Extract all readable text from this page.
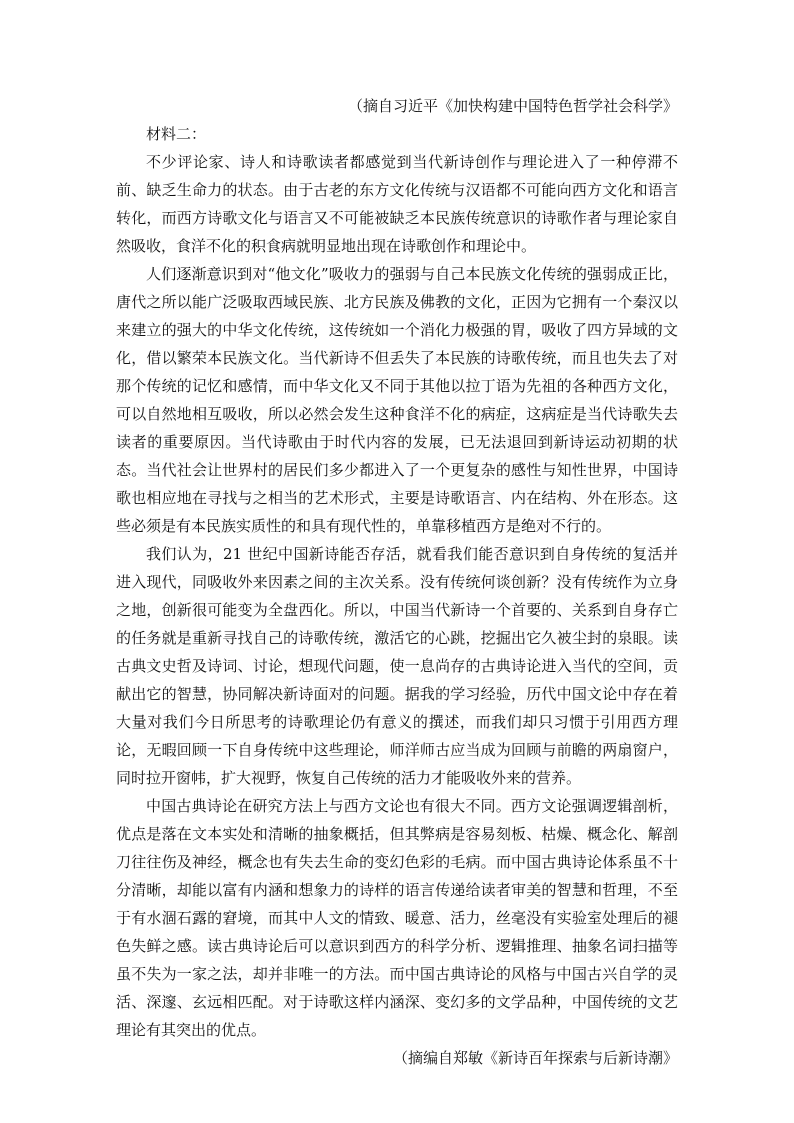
（摘自习近平《加快构建中国特色哲学社会科学》

材料二：

不少评论家、诗人和诗歌读者都感觉到当代新诗创作与理论进入了一种停滞不前、缺乏生命力的状态。由于古老的东方文化传统与汉语都不可能向西方文化和语言转化，而西方诗歌文化与语言又不可能被缺乏本民族传统意识的诗歌作者与理论家自然吸收，食洋不化的积食病就明显地出现在诗歌创作和理论中。

人们逐渐意识到对“他文化”吸收力的强弱与自己本民族文化传统的强弱成正比，唐代之所以能广泛吸取西域民族、北方民族及佛教的文化，正因为它拥有一个秦汉以来建立的强大的中华文化传统，这传统如一个消化力极强的胃，吸收了四方异域的文化，借以繁荣本民族文化。当代新诗不但丢失了本民族的诗歌传统，而且也失去了对那个传统的记忆和感情，而中华文化又不同于其他以拉丁语为先祖的各种西方文化，可以自然地相互吸收，所以必然会发生这种食洋不化的病症，这病症是当代诗歌失去读者的重要原因。当代诗歌由于时代内容的发展，已无法退回到新诗运动初期的状态。当代社会让世界村的居民们多少都进入了一个更复杂的感性与知性世界，中国诗歌也相应地在寻找与之相当的艺术形式，主要是诗歌语言、内在结构、外在形态。这些必须是有本民族实质性的和具有现代性的，单靠移植西方是绝对不行的。

我们认为，21 世纪中国新诗能否存活，就看我们能否意识到自身传统的复活并进入现代，同吸收外来因素之间的主次关系。没有传统何谈创新？没有传统作为立身之地，创新很可能变为全盘西化。所以，中国当代新诗一个首要的、关系到自身存亡的任务就是重新寻找自己的诗歌传统，激活它的心跳，挖掘出它久被尘封的泉眼。读古典文史哲及诗词、讨论，想现代问题，使一息尚存的古典诗论进入当代的空间，贡献出它的智慧，协同解决新诗面对的问题。据我的学习经验，历代中国文论中存在着大量对我们今日所思考的诗歌理论仍有意义的撰述，而我们却只习惯于引用西方理论，无暇回顾一下自身传统中这些理论，师洋师古应当成为回顾与前瞻的两扇窗户，同时拉开窗帏，扩大视野，恢复自己传统的活力才能吸收外来的营养。

中国古典诗论在研究方法上与西方文论也有很大不同。西方文论强调逻辑剖析，优点是落在文本实处和清晰的抽象概括，但其弊病是容易刻板、枯燥、概念化、解剖刀往往伤及神经，概念也有失去生命的变幻色彩的毛病。而中国古典诗论体系虽不十分清晰，却能以富有内涵和想象力的诗样的语言传递给读者审美的智慧和哲理，不至于有水涸石露的窘境，而其中人文的情致、暖意、活力，丝毫没有实验室处理后的褪色失鲜之感。读古典诗论后可以意识到西方的科学分析、逻辑推理、抽象名词扫描等虽不失为一家之法，却并非唯一的方法。而中国古典诗论的风格与中国古兴自学的灵活、深邃、玄远相匹配。对于诗歌这样内涵深、变幻多的文学品种，中国传统的文艺理论有其突出的优点。

（摘编自郑敏《新诗百年探索与后新诗潮》
